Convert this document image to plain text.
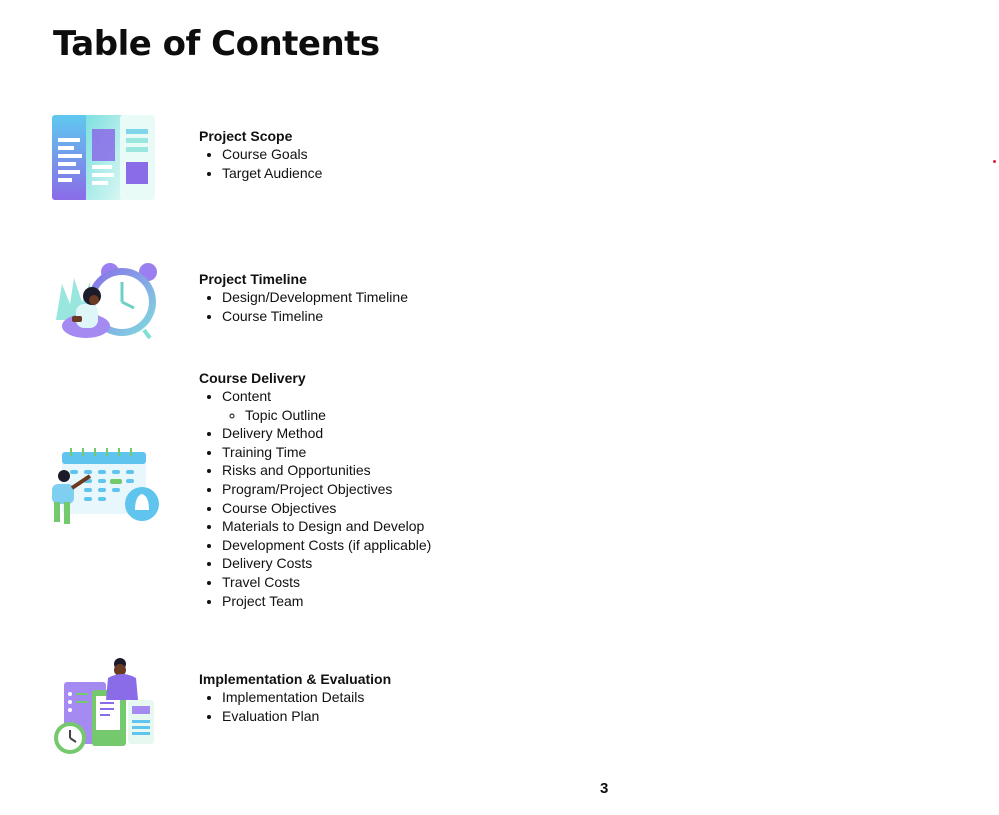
Table of Contents
Project Scope
• Course Goals
• Target Audience
Project Timeline
• Design/Development Timeline
• Course Timeline
Course Delivery
• Content
◦ Topic Outline
• Delivery Method
• Training Time
• Risks and Opportunities
• Program/Project Objectives
• Course Objectives
• Materials to Design and Develop
• Development Costs (if applicable)
• Delivery Costs
• Travel Costs
• Project Team
Implementation & Evaluation
• Implementation Details
• Evaluation Plan
3
